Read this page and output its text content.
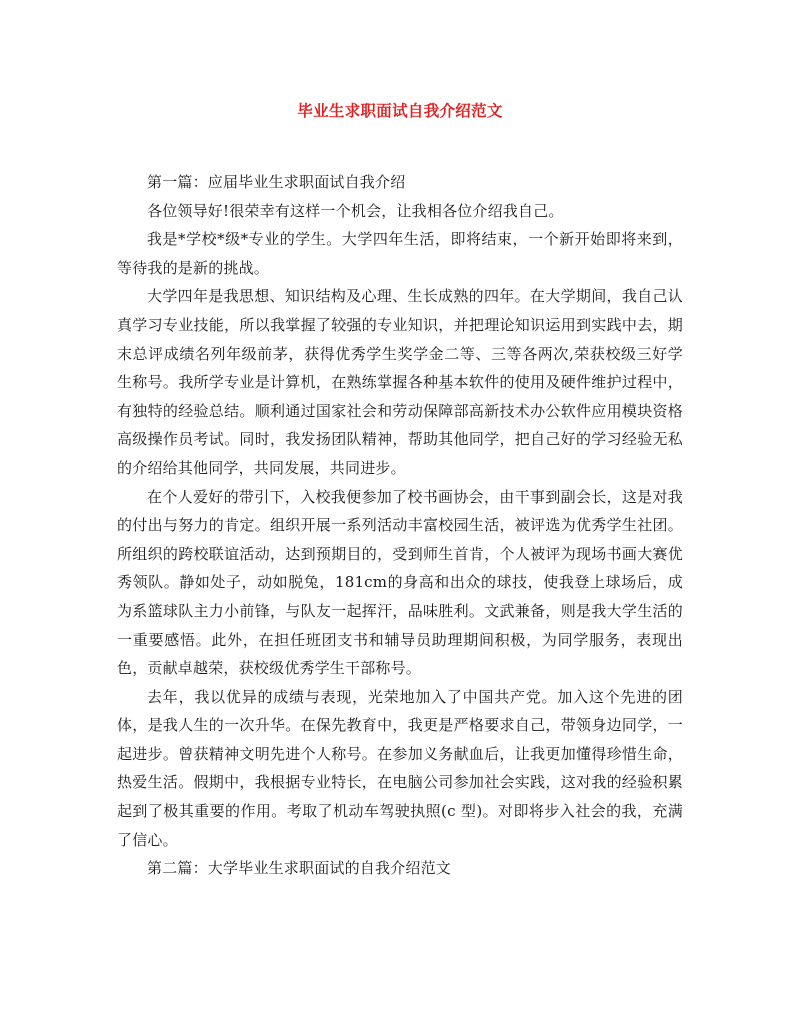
毕业生求职面试自我介绍范文

第一篇：应届毕业生求职面试自我介绍

各位领导好!很荣幸有这样一个机会，让我相各位介绍我自己。

我是*学校*级*专业的学生。大学四年生活，即将结束，一个新开始即将来到，等待我的是新的挑战。

大学四年是我思想、知识结构及心理、生长成熟的四年。在大学期间，我自己认真学习专业技能，所以我掌握了较强的专业知识，并把理论知识运用到实践中去，期末总评成绩名列年级前茅，获得优秀学生奖学金二等、三等各两次,荣获校级三好学生称号。我所学专业是计算机，在熟练掌握各种基本软件的使用及硬件维护过程中，有独特的经验总结。顺利通过国家社会和劳动保障部高新技术办公软件应用模块资格高级操作员考试。同时，我发扬团队精神，帮助其他同学，把自己好的学习经验无私的介绍给其他同学，共同发展，共同进步。

在个人爱好的带引下，入校我便参加了校书画协会，由干事到副会长，这是对我的付出与努力的肯定。组织开展一系列活动丰富校园生活，被评选为优秀学生社团。所组织的跨校联谊活动，达到预期目的，受到师生首肯，个人被评为现场书画大赛优秀领队。静如处子，动如脱兔，181cm的身高和出众的球技，使我登上球场后，成为系篮球队主力小前锋，与队友一起挥汗，品味胜利。文武兼备，则是我大学生活的一重要感悟。此外，在担任班团支书和辅导员助理期间积极，为同学服务，表现出色，贡献卓越荣，获校级优秀学生干部称号。

去年，我以优异的成绩与表现，光荣地加入了中国共产党。加入这个先进的团体，是我人生的一次升华。在保先教育中，我更是严格要求自己，带领身边同学，一起进步。曾获精神文明先进个人称号。在参加义务献血后，让我更加懂得珍惜生命，热爱生活。假期中，我根据专业特长，在电脑公司参加社会实践，这对我的经验积累起到了极其重要的作用。考取了机动车驾驶执照(c 型)。对即将步入社会的我，充满了信心。

第二篇：大学毕业生求职面试的自我介绍范文
